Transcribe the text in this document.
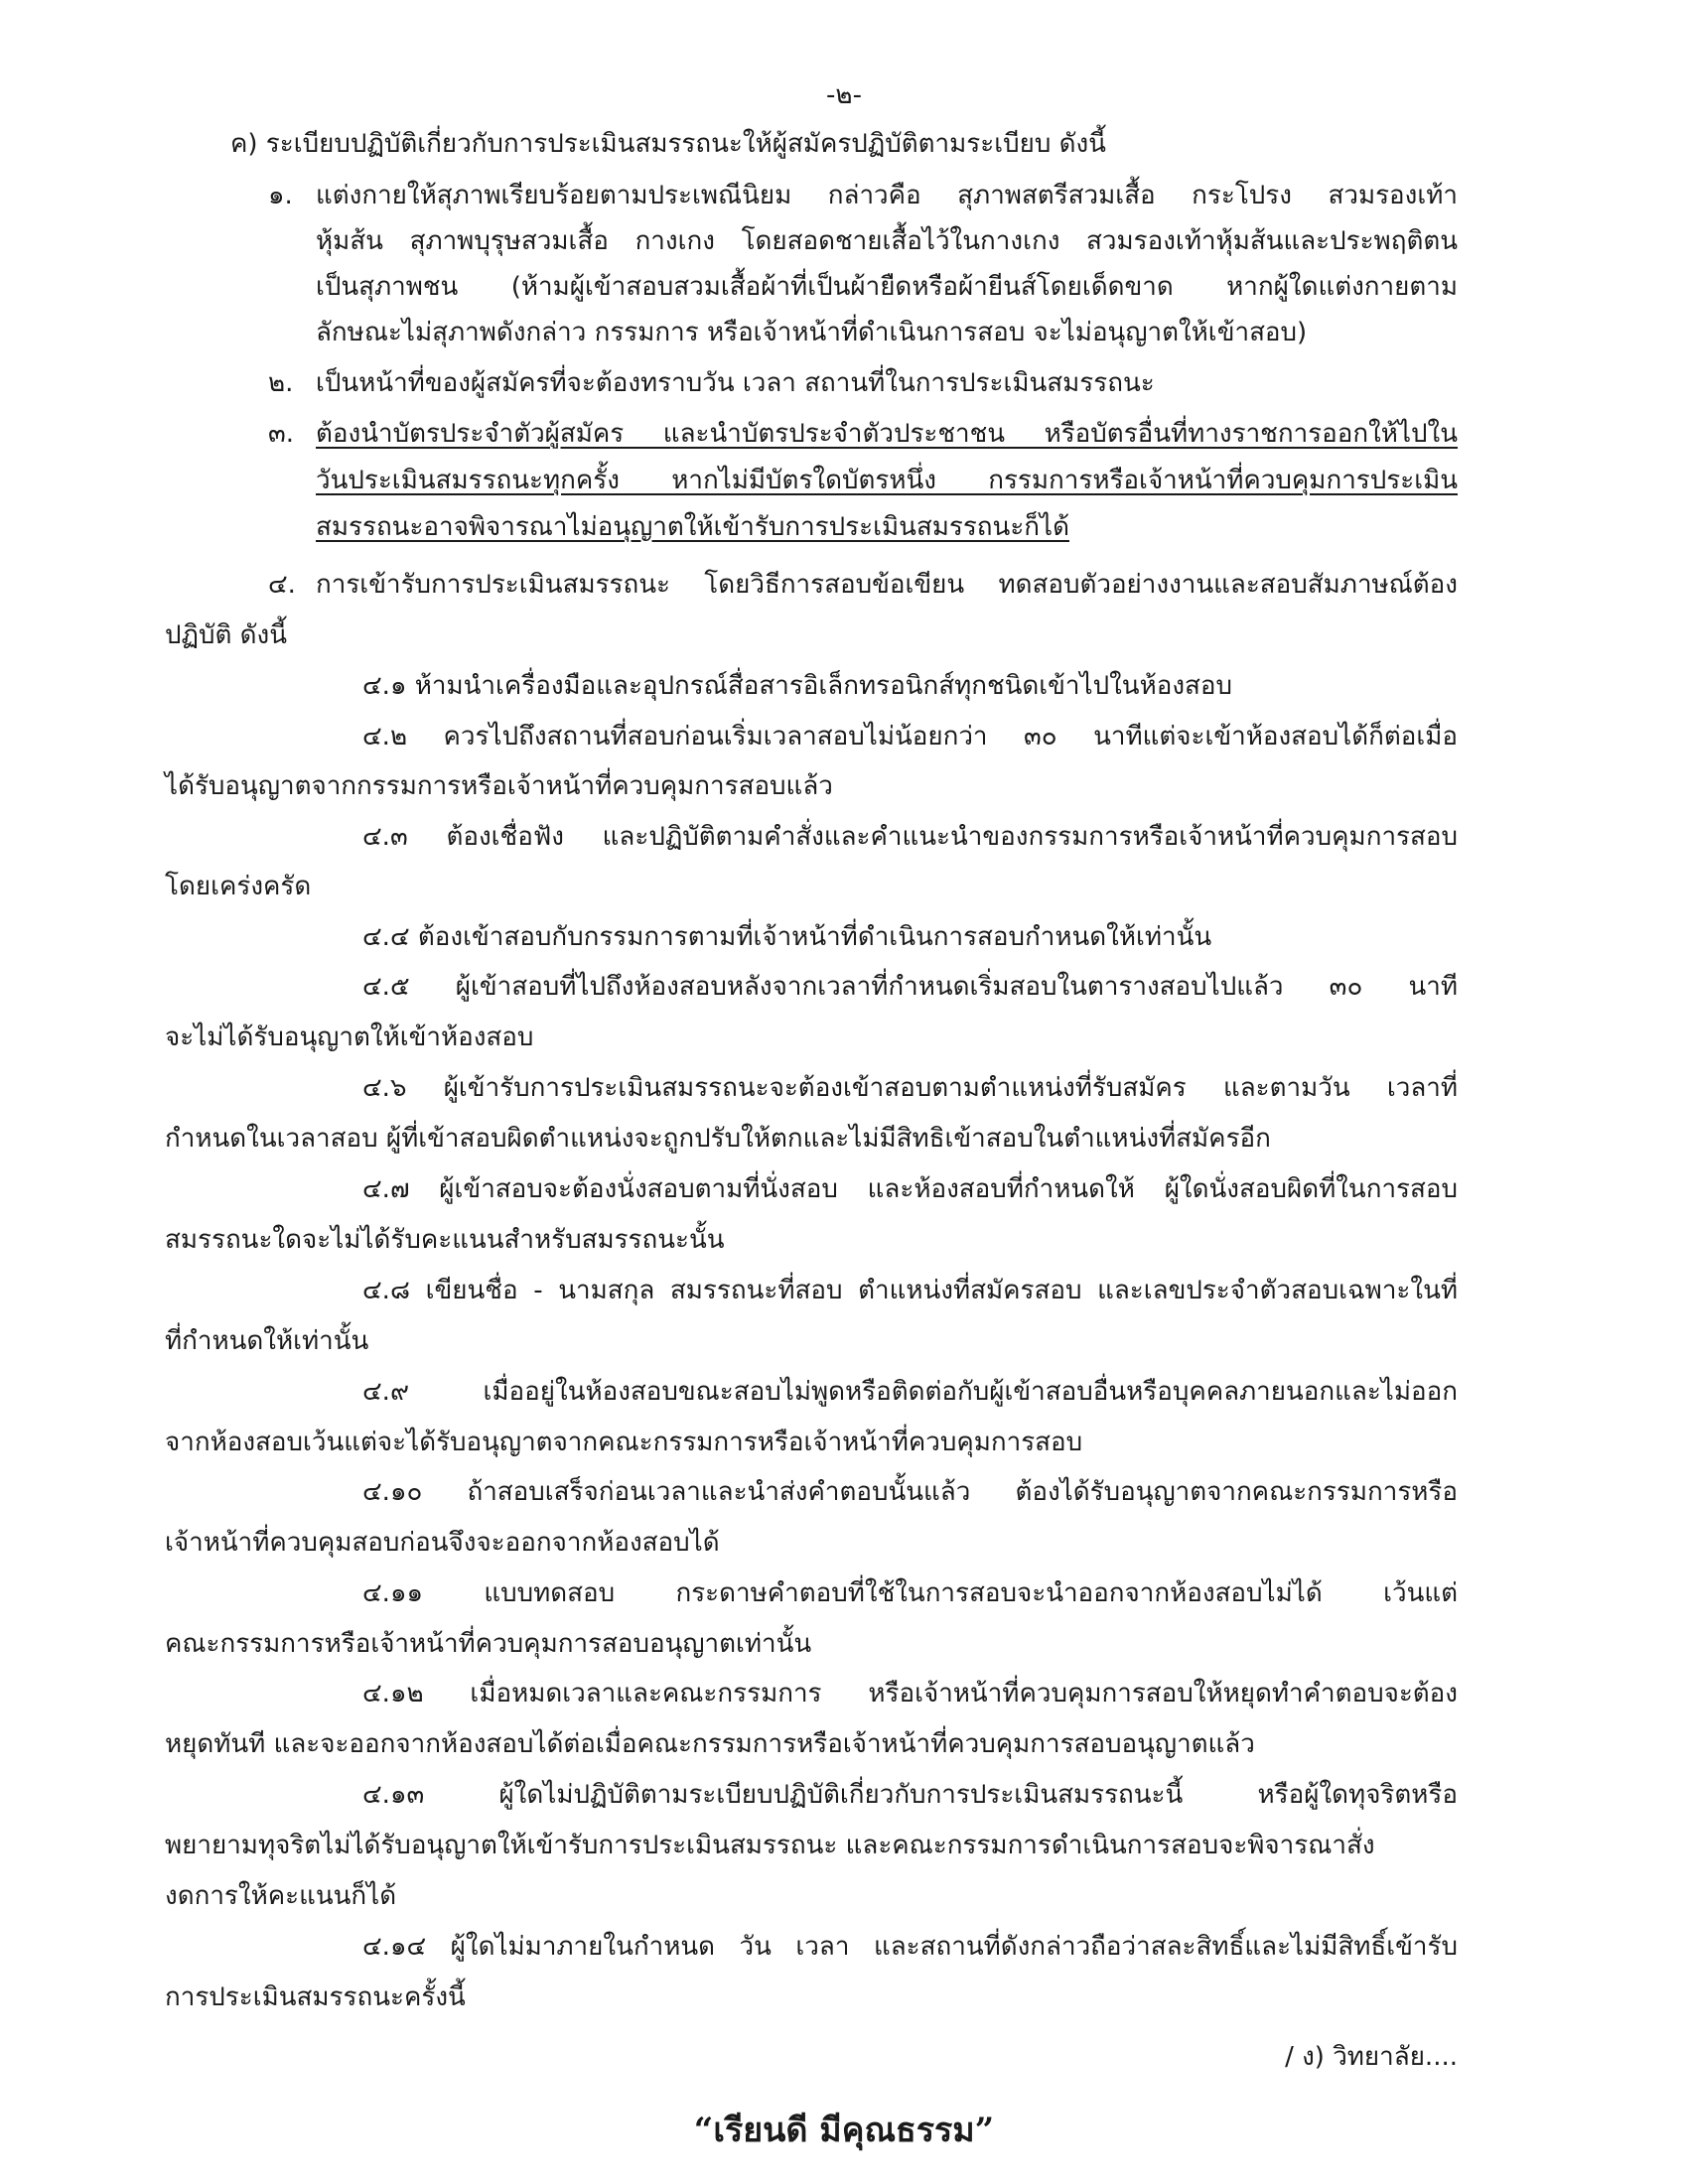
-๒-
ค) ระเบียบปฏิบัติเกี่ยวกับการประเมินสมรรถนะให้ผู้สมัครปฏิบัติตามระเบียบ ดังนี้
๑. แต่งกายให้สุภาพเรียบร้อยตามประเพณีนิยม กล่าวคือ สุภาพสตรีสวมเสื้อ กระโปรง สวมรองเท้า
หุ้มส้น สุภาพบุรุษสวมเสื้อ กางเกง โดยสอดชายเสื้อไว้ในกางเกง สวมรองเท้าหุ้มส้นและประพฤติตน
เป็นสุภาพชน (ห้ามผู้เข้าสอบสวมเสื้อผ้าที่เป็นผ้ายืดหรือผ้ายีนส์โดยเด็ดขาด หากผู้ใดแต่งกายตาม
ลักษณะไม่สุภาพดังกล่าว กรรมการ หรือเจ้าหน้าที่ดำเนินการสอบ จะไม่อนุญาตให้เข้าสอบ)
๒. เป็นหน้าที่ของผู้สมัครที่จะต้องทราบวัน เวลา สถานที่ในการประเมินสมรรถนะ
๓. ต้องนำบัตรประจำตัวผู้สมัคร และนำบัตรประจำตัวประชาชน หรือบัตรอื่นที่ทางราชการออกให้ไปใน
วันประเมินสมรรถนะทุกครั้ง หากไม่มีบัตรใดบัตรหนึ่ง กรรมการหรือเจ้าหน้าที่ควบคุมการประเมิน
สมรรถนะอาจพิจารณาไม่อนุญาตให้เข้ารับการประเมินสมรรถนะก็ได้
๔. การเข้ารับการประเมินสมรรถนะ โดยวิธีการสอบข้อเขียน ทดสอบตัวอย่างงานและสอบสัมภาษณ์ต้อง
ปฏิบัติ ดังนี้
๔.๑ ห้ามนำเครื่องมือและอุปกรณ์สื่อสารอิเล็กทรอนิกส์ทุกชนิดเข้าไปในห้องสอบ
๔.๒ ควรไปถึงสถานที่สอบก่อนเริ่มเวลาสอบไม่น้อยกว่า ๓๐ นาทีแต่จะเข้าห้องสอบได้ก็ต่อเมื่อ
ได้รับอนุญาตจากกรรมการหรือเจ้าหน้าที่ควบคุมการสอบแล้ว
๔.๓ ต้องเชื่อฟัง และปฏิบัติตามคำสั่งและคำแนะนำของกรรมการหรือเจ้าหน้าที่ควบคุมการสอบ
โดยเคร่งครัด
๔.๔ ต้องเข้าสอบกับกรรมการตามที่เจ้าหน้าที่ดำเนินการสอบกำหนดให้เท่านั้น
๔.๕ ผู้เข้าสอบที่ไปถึงห้องสอบหลังจากเวลาที่กำหนดเริ่มสอบในตารางสอบไปแล้ว ๓๐ นาที
จะไม่ได้รับอนุญาตให้เข้าห้องสอบ
๔.๖ ผู้เข้ารับการประเมินสมรรถนะจะต้องเข้าสอบตามตำแหน่งที่รับสมัคร และตามวัน เวลาที่
กำหนดในเวลาสอบ ผู้ที่เข้าสอบผิดตำแหน่งจะถูกปรับให้ตกและไม่มีสิทธิเข้าสอบในตำแหน่งที่สมัครอีก
๔.๗ ผู้เข้าสอบจะต้องนั่งสอบตามที่นั่งสอบ และห้องสอบที่กำหนดให้ ผู้ใดนั่งสอบผิดที่ในการสอบ
สมรรถนะใดจะไม่ได้รับคะแนนสำหรับสมรรถนะนั้น
๔.๘ เขียนชื่อ - นามสกุล สมรรถนะที่สอบ ตำแหน่งที่สมัครสอบ และเลขประจำตัวสอบเฉพาะในที่
ที่กำหนดให้เท่านั้น
๔.๙ เมื่ออยู่ในห้องสอบขณะสอบไม่พูดหรือติดต่อกับผู้เข้าสอบอื่นหรือบุคคลภายนอกและไม่ออก
จากห้องสอบเว้นแต่จะได้รับอนุญาตจากคณะกรรมการหรือเจ้าหน้าที่ควบคุมการสอบ
๔.๑๐ ถ้าสอบเสร็จก่อนเวลาและนำส่งคำตอบนั้นแล้ว ต้องได้รับอนุญาตจากคณะกรรมการหรือ
เจ้าหน้าที่ควบคุมสอบก่อนจึงจะออกจากห้องสอบได้
๔.๑๑ แบบทดสอบ กระดาษคำตอบที่ใช้ในการสอบจะนำออกจากห้องสอบไม่ได้ เว้นแต่
คณะกรรมการหรือเจ้าหน้าที่ควบคุมการสอบอนุญาตเท่านั้น
๔.๑๒ เมื่อหมดเวลาและคณะกรรมการ หรือเจ้าหน้าที่ควบคุมการสอบให้หยุดทำคำตอบจะต้อง
หยุดทันที และจะออกจากห้องสอบได้ต่อเมื่อคณะกรรมการหรือเจ้าหน้าที่ควบคุมการสอบอนุญาตแล้ว
๔.๑๓ ผู้ใดไม่ปฏิบัติตามระเบียบปฏิบัติเกี่ยวกับการประเมินสมรรถนะนี้ หรือผู้ใดทุจริตหรือ
พยายามทุจริตไม่ได้รับอนุญาตให้เข้ารับการประเมินสมรรถนะ และคณะกรรมการดำเนินการสอบจะพิจารณาสั่ง
งดการให้คะแนนก็ได้
๔.๑๔ ผู้ใดไม่มาภายในกำหนด วัน เวลา และสถานที่ดังกล่าวถือว่าสละสิทธิ์และไม่มีสิทธิ์เข้ารับ
การประเมินสมรรถนะครั้งนี้
/ ง) วิทยาลัย....
“เรียนดี มีคุณธรรม”
